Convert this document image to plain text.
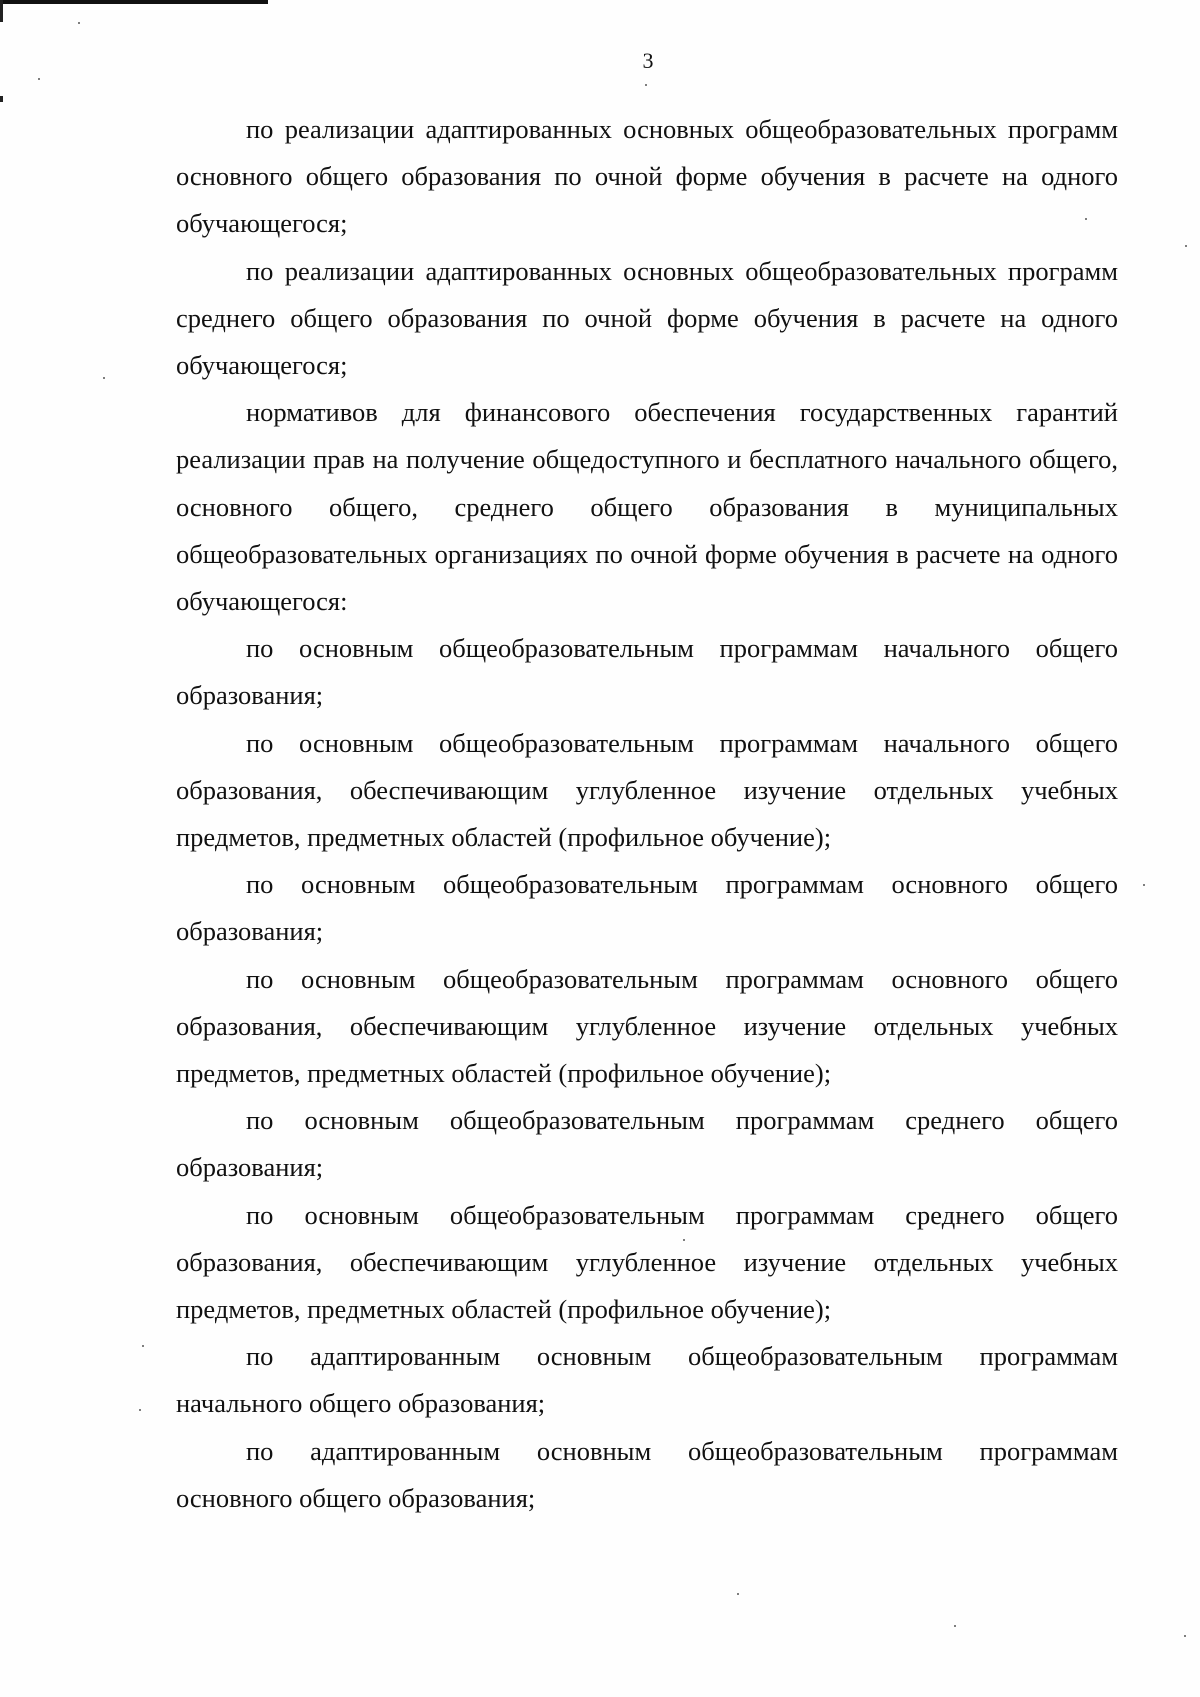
3

по реализации адаптированных основных общеобразовательных программ основного общего образования по очной форме обучения в расчете на одного обучающегося;

по реализации адаптированных основных общеобразовательных программ среднего общего образования по очной форме обучения в расчете на одного обучающегося;

нормативов для финансового обеспечения государственных гарантий реализации прав на получение общедоступного и бесплатного начального общего, основного общего, среднего общего образования в муниципальных общеобразовательных организациях по очной форме обучения в расчете на одного обучающегося:

по основным общеобразовательным программам начального общего образования;

по основным общеобразовательным программам начального общего образования, обеспечивающим углубленное изучение отдельных учебных предметов, предметных областей (профильное обучение);

по основным общеобразовательным программам основного общего образования;

по основным общеобразовательным программам основного общего образования, обеспечивающим углубленное изучение отдельных учебных предметов, предметных областей (профильное обучение);

по основным общеобразовательным программам среднего общего образования;

по основным общеобразовательным программам среднего общего образования, обеспечивающим углубленное изучение отдельных учебных предметов, предметных областей (профильное обучение);

по адаптированным основным общеобразовательным программам начального общего образования;

по адаптированным основным общеобразовательным программам основного общего образования;
